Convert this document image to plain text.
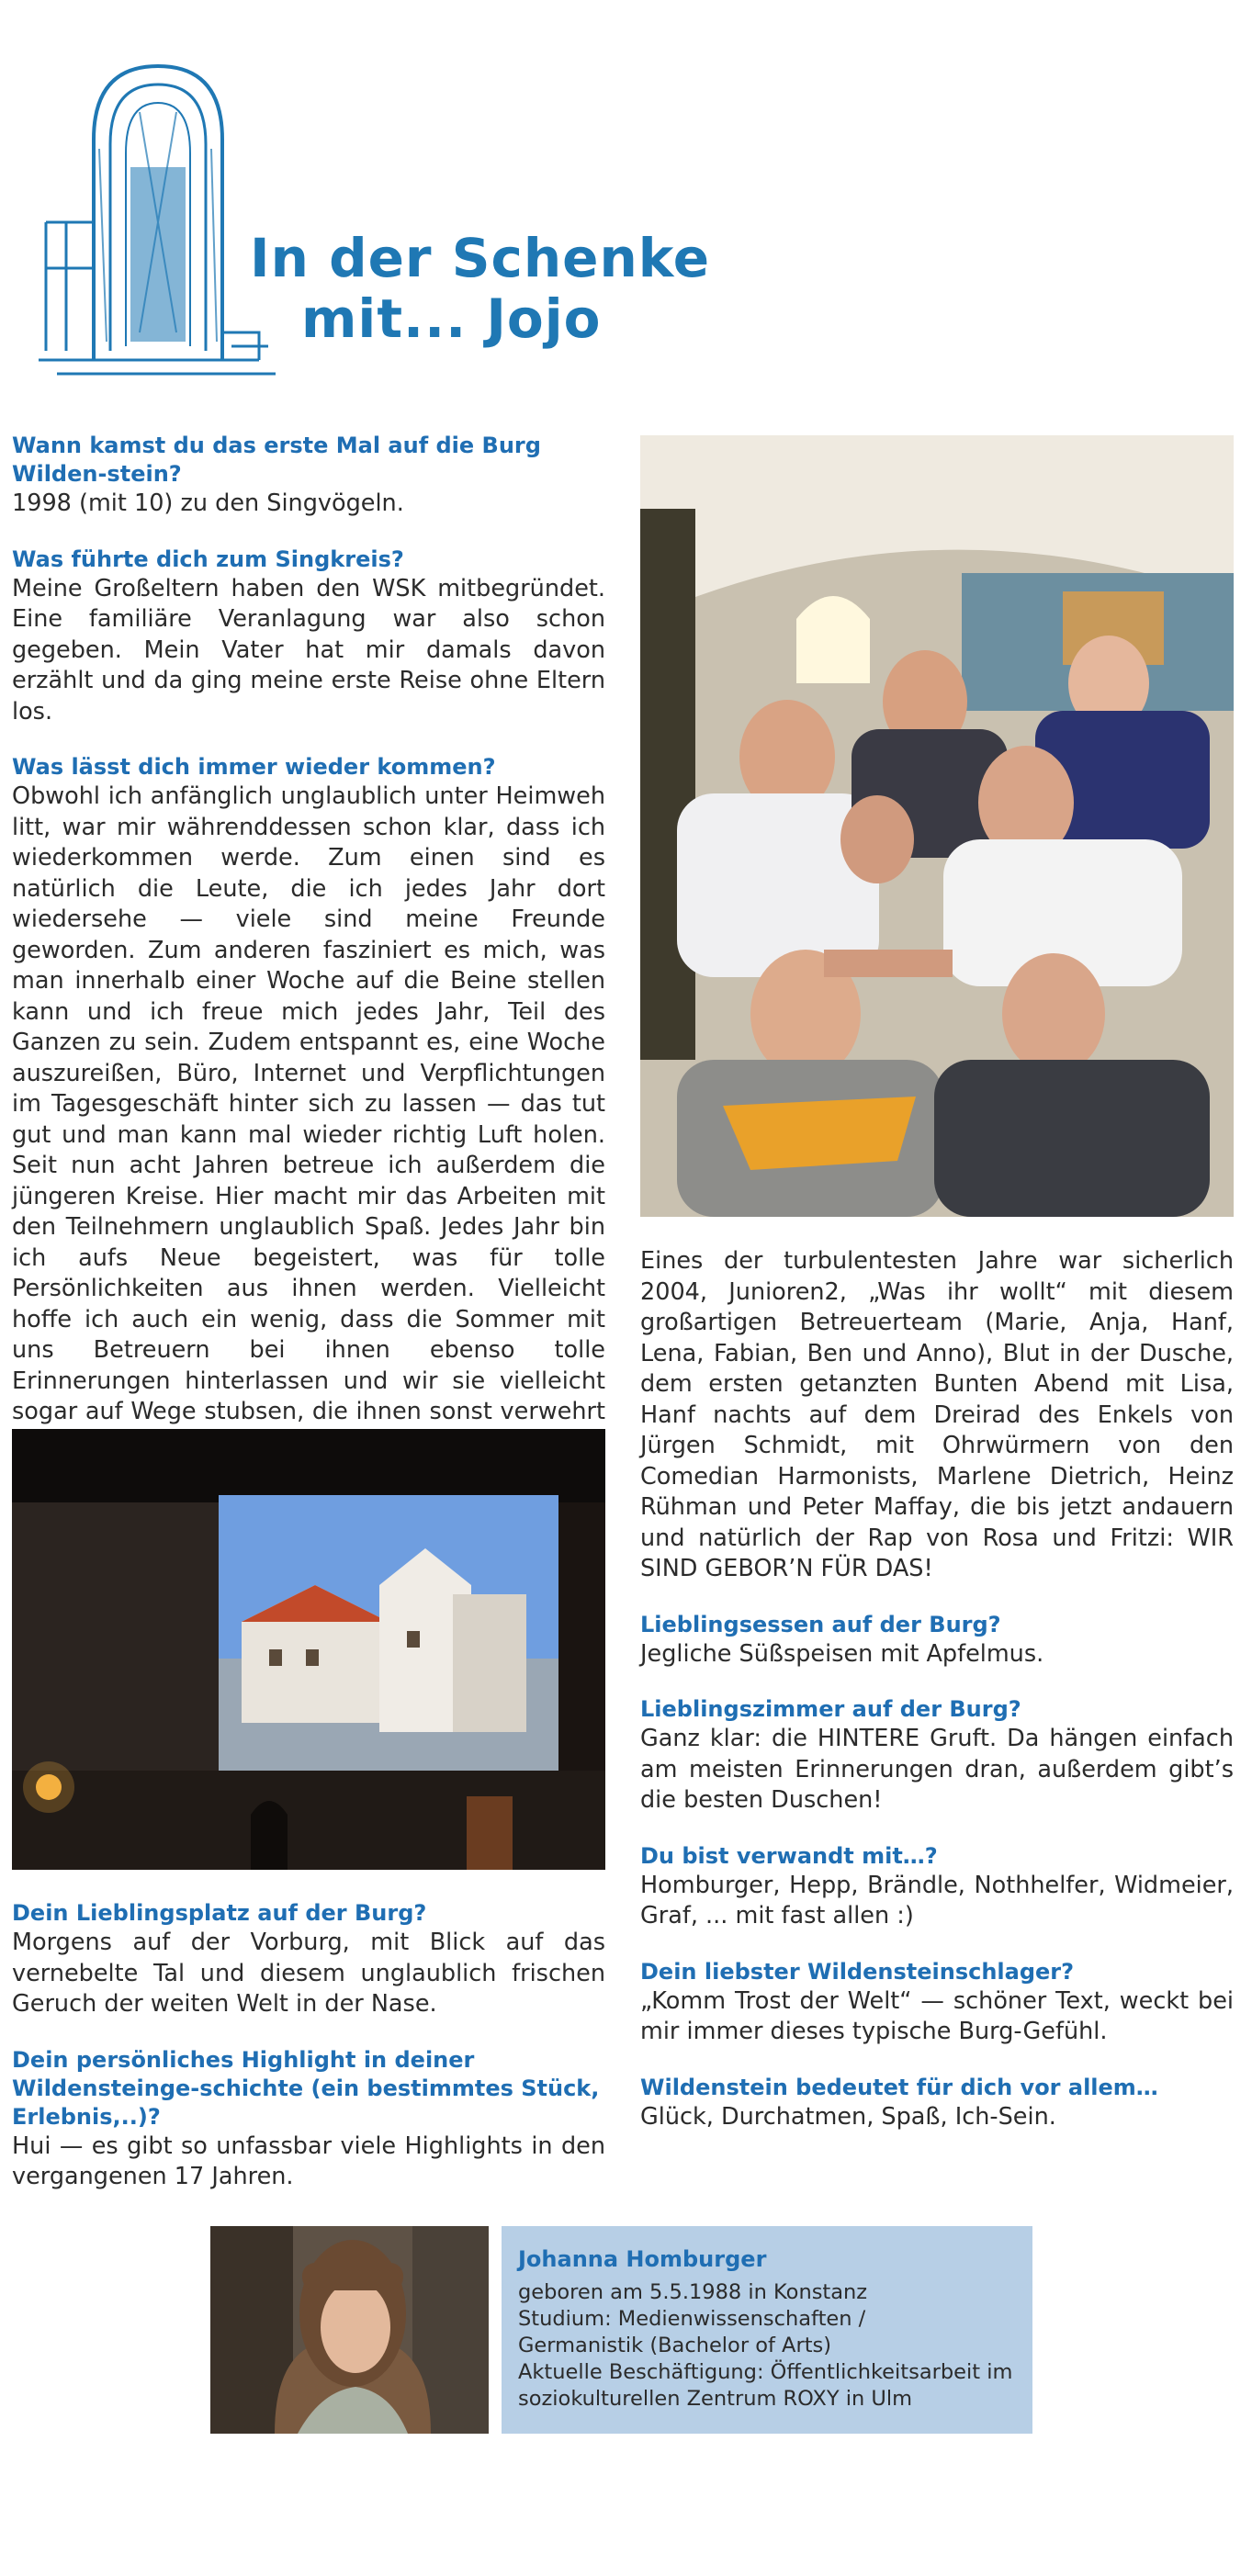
In der Schenke
mit... Jojo

Wann kamst du das erste Mal auf die Burg Wilden-stein?

1998 (mit 10) zu den Singvögeln.

Was führte dich zum Singkreis?

Meine Großeltern haben den WSK mitbegründet. Eine familiäre Veranlagung war also schon gegeben. Mein Vater hat mir damals davon erzählt und da ging meine erste Reise ohne Eltern los.

Was lässt dich immer wieder kommen?

Obwohl ich anfänglich unglaublich unter Heimweh litt, war mir währenddessen schon klar, dass ich wiederkommen werde. Zum einen sind es natürlich die Leute, die ich jedes Jahr dort wiedersehe — viele sind meine Freunde geworden. Zum anderen fasziniert es mich, was man innerhalb einer Woche auf die Beine stellen kann und ich freue mich jedes Jahr, Teil des Ganzen zu sein. Zudem entspannt es, eine Woche auszureißen, Büro, Internet und Verpflichtungen im Tagesgeschäft hinter sich zu lassen — das tut gut und man kann mal wieder richtig Luft holen. Seit nun acht Jahren betreue ich außerdem die jüngeren Kreise. Hier macht mir das Arbeiten mit den Teilnehmern unglaublich Spaß. Jedes Jahr bin ich aufs Neue begeistert, was für tolle Persönlichkeiten aus ihnen werden. Vielleicht hoffe ich auch ein wenig, dass die Sommer mit uns Betreuern bei ihnen ebenso tolle Erinnerungen hinterlassen und wir sie vielleicht sogar auf Wege stubsen, die ihnen sonst verwehrt

Dein Lieblingsplatz auf der Burg?

Morgens auf der Vorburg, mit Blick auf das vernebelte Tal und diesem unglaublich frischen Geruch der weiten Welt in der Nase.

Dein persönliches Highlight in deiner Wildensteinge-schichte (ein bestimmtes Stück, Erlebnis,..)?

Hui — es gibt so unfassbar viele Highlights in den vergangenen 17 Jahren.

Eines der turbulentesten Jahre war sicherlich 2004, Junioren2, „Was ihr wollt“ mit diesem großartigen Betreuerteam (Marie, Anja, Hanf, Lena, Fabian, Ben und Anno), Blut in der Dusche, dem ersten getanzten Bunten Abend mit Lisa, Hanf nachts auf dem Dreirad des Enkels von Jürgen Schmidt, mit Ohrwürmern von den Comedian Harmonists, Marlene Dietrich, Heinz Rühman und Peter Maffay, die bis jetzt andauern und natürlich der Rap von Rosa und Fritzi: WIR SIND GEBOR’N FÜR DAS!

Lieblingsessen auf der Burg?

Jegliche Süßspeisen mit Apfelmus.

Lieblingszimmer auf der Burg?

Ganz klar: die HINTERE Gruft. Da hängen einfach am meisten Erinnerungen dran, außerdem gibt’s die besten Duschen!

Du bist verwandt mit…?

Homburger, Hepp, Brändle, Nothhelfer, Widmeier, Graf, ... mit fast allen :)

Dein liebster Wildensteinschlager?

„Komm Trost der Welt“ — schöner Text, weckt bei mir immer dieses typische Burg-Gefühl.

Wildenstein bedeutet für dich vor allem…

Glück, Durchatmen, Spaß, Ich-Sein.

Johanna Homburger
geboren am 5.5.1988 in Konstanz
Studium: Medienwissenschaften /
Germanistik (Bachelor of Arts)
Aktuelle Beschäftigung: Öffentlichkeitsarbeit im
soziokulturellen Zentrum ROXY in Ulm
